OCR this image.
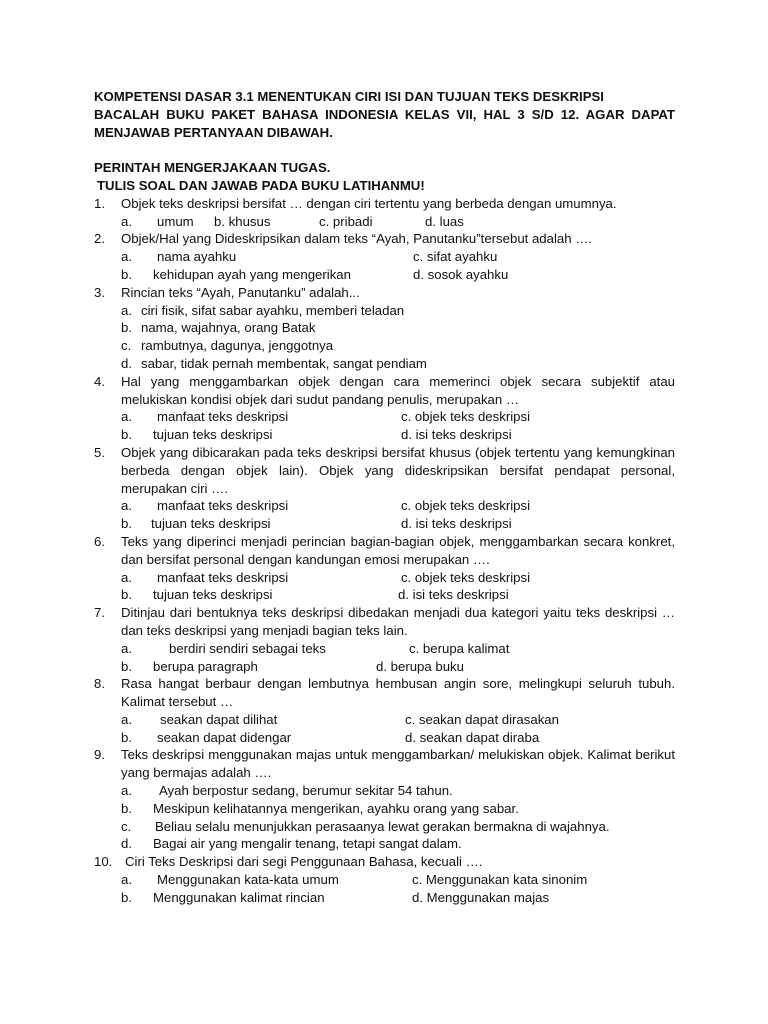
KOMPETENSI DASAR 3.1 MENENTUKAN CIRI ISI DAN TUJUAN TEKS DESKRIPSI
BACALAH BUKU PAKET BAHASA INDONESIA KELAS VII, HAL 3 S/D 12. AGAR DAPAT
MENJAWAB PERTANYAAN DIBAWAH.
PERINTAH MENGERJAKAAN TUGAS.
TULIS SOAL DAN JAWAB PADA BUKU LATIHANMU!
1.	Objek teks deskripsi bersifat … dengan ciri tertentu yang berbeda dengan umumnya.
a.	umum	b. khusus	c. pribadi	d. luas
2.	Objek/Hal yang Dideskripsikan dalam teks “Ayah, Panutanku”tersebut adalah ….
a.	nama ayahku	c. sifat ayahku
b.	kehidupan ayah yang mengerikan	d. sosok ayahku
3.	Rincian teks “Ayah, Panutanku” adalah...
a. ciri fisik, sifat sabar ayahku, memberi teladan
b. nama, wajahnya, orang Batak
c. rambutnya, dagunya, jenggotnya
d. sabar, tidak pernah membentak, sangat pendiam
4.	Hal yang menggambarkan objek dengan cara memerinci objek secara subjektif atau melukiskan kondisi objek dari sudut pandang penulis, merupakan …
a.	manfaat teks deskripsi	c. objek teks deskripsi
b.	tujuan teks deskripsi	d. isi teks deskripsi
5.	Objek yang dibicarakan pada teks deskripsi bersifat khusus (objek tertentu yang kemungkinan berbeda dengan objek lain). Objek yang dideskripsikan bersifat pendapat personal, merupakan ciri ….
a.	manfaat teks deskripsi	c. objek teks deskripsi
b.	tujuan teks deskripsi	d. isi teks deskripsi
6.	Teks yang diperinci menjadi perincian bagian-bagian objek, menggambarkan secara konkret, dan bersifat personal dengan kandungan emosi merupakan ….
a.	manfaat teks deskripsi	c. objek teks deskripsi
b.	tujuan teks deskripsi	d. isi teks deskripsi
7.	Ditinjau dari bentuknya teks deskripsi dibedakan menjadi dua kategori yaitu teks deskripsi … dan teks deskripsi yang menjadi bagian teks lain.
a.	berdiri sendiri sebagai teks	c. berupa kalimat
b.	berupa paragraph	d. berupa buku
8.	Rasa hangat berbaur dengan lembutnya hembusan angin sore, melingkupi seluruh tubuh. Kalimat tersebut …
a.	seakan dapat dilihat	c. seakan dapat dirasakan
b.	seakan dapat didengar	d. seakan dapat diraba
9.	Teks deskripsi menggunakan majas untuk menggambarkan/ melukiskan objek. Kalimat berikut yang bermajas adalah ….
a.	Ayah berpostur sedang, berumur sekitar 54 tahun.
b.	Meskipun kelihatannya mengerikan, ayahku orang yang sabar.
c.	Beliau selalu menunjukkan perasaanya lewat gerakan bermakna di wajahnya.
d.	Bagai air yang mengalir tenang, tetapi sangat dalam.
10. Ciri Teks Deskripsi dari segi Penggunaan Bahasa, kecuali ….
a.	Menggunakan kata-kata umum	c. Menggunakan kata sinonim
b.	Menggunakan kalimat rincian	d. Menggunakan majas
